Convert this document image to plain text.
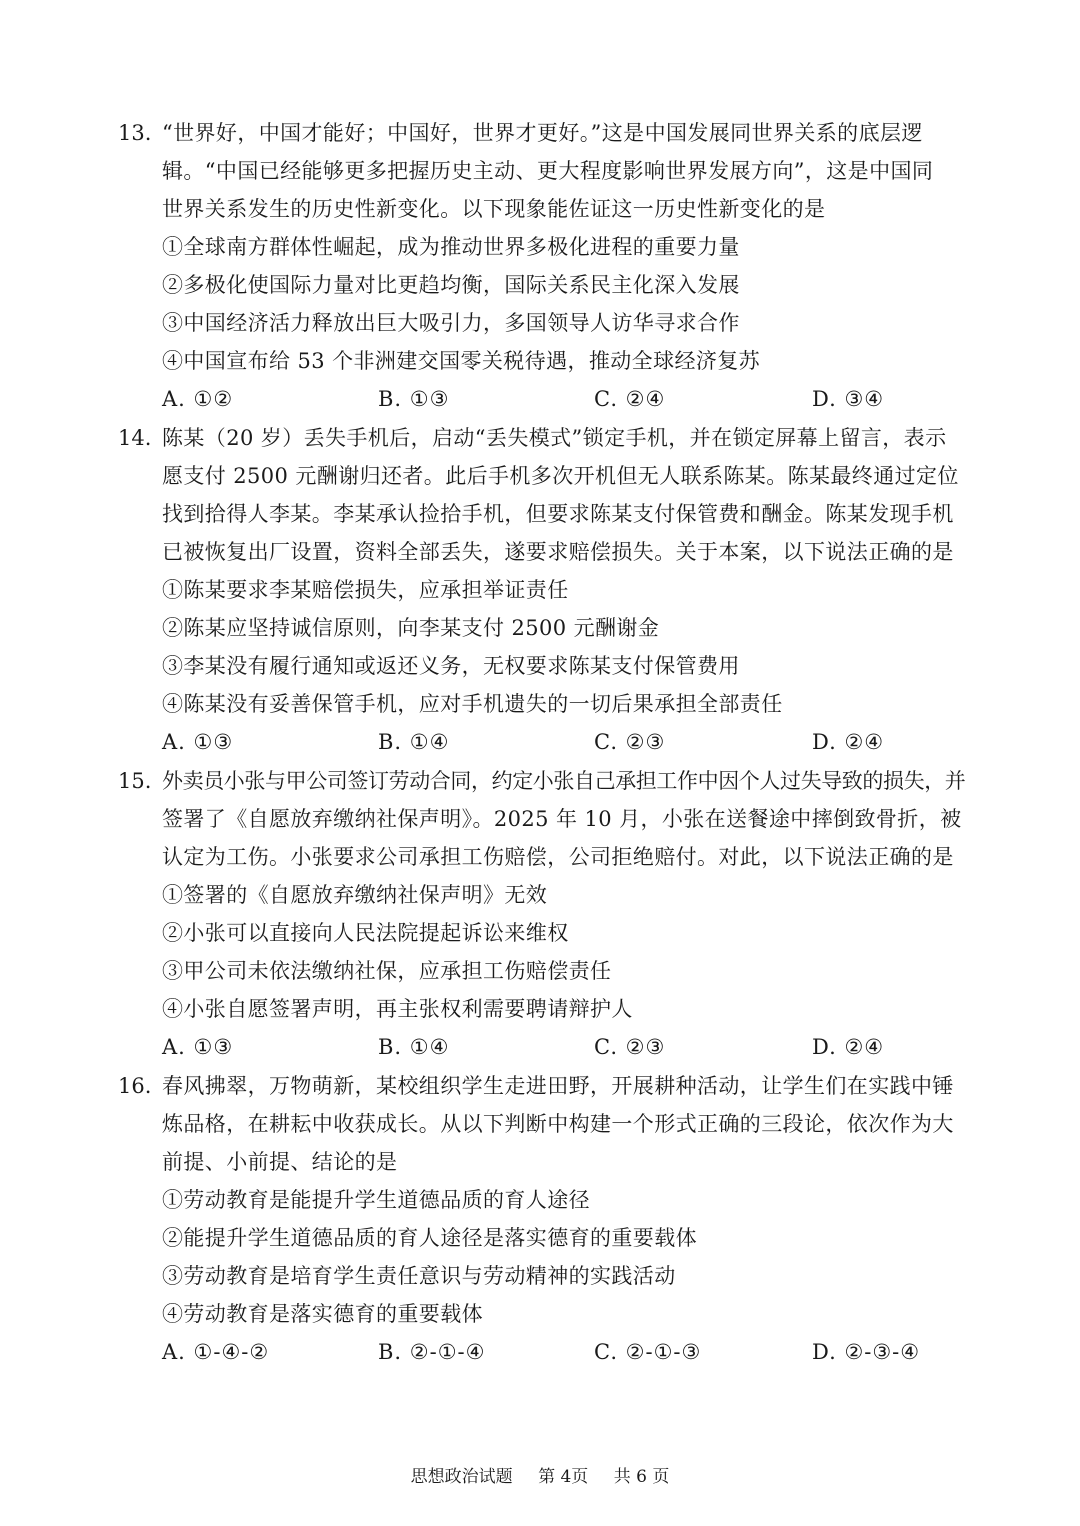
13. “世界好，中国才能好；中国好，世界才更好。”这是中国发展同世界关系的底层逻
辑。“中国已经能够更多把握历史主动、更大程度影响世界发展方向”，这是中国同
世界关系发生的历史性新变化。以下现象能佐证这一历史性新变化的是
①全球南方群体性崛起，成为推动世界多极化进程的重要力量
②多极化使国际力量对比更趋均衡，国际关系民主化深入发展
③中国经济活力释放出巨大吸引力，多国领导人访华寻求合作
④中国宣布给 53 个非洲建交国零关税待遇，推动全球经济复苏
A. ①②	B. ①③	C. ②④	D. ③④
14. 陈某（20 岁）丢失手机后，启动“丢失模式”锁定手机，并在锁定屏幕上留言，表示
愿支付 2500 元酬谢归还者。此后手机多次开机但无人联系陈某。陈某最终通过定位
找到拾得人李某。李某承认捡拾手机，但要求陈某支付保管费和酬金。陈某发现手机
已被恢复出厂设置，资料全部丢失，遂要求赔偿损失。关于本案，以下说法正确的是
①陈某要求李某赔偿损失，应承担举证责任
②陈某应坚持诚信原则，向李某支付 2500 元酬谢金
③李某没有履行通知或返还义务，无权要求陈某支付保管费用
④陈某没有妥善保管手机，应对手机遗失的一切后果承担全部责任
A. ①③	B. ①④	C. ②③	D. ②④
15. 外卖员小张与甲公司签订劳动合同，约定小张自己承担工作中因个人过失导致的损失，并
签署了《自愿放弃缴纳社保声明》。2025 年 10 月，小张在送餐途中摔倒致骨折，被
认定为工伤。小张要求公司承担工伤赔偿，公司拒绝赔付。对此，以下说法正确的是
①签署的《自愿放弃缴纳社保声明》无效
②小张可以直接向人民法院提起诉讼来维权
③甲公司未依法缴纳社保，应承担工伤赔偿责任
④小张自愿签署声明，再主张权利需要聘请辩护人
A. ①③	B. ①④	C. ②③	D. ②④
16. 春风拂翠，万物萌新，某校组织学生走进田野，开展耕种活动，让学生们在实践中锤
炼品格，在耕耘中收获成长。从以下判断中构建一个形式正确的三段论，依次作为大
前提、小前提、结论的是
①劳动教育是能提升学生道德品质的育人途径
②能提升学生道德品质的育人途径是落实德育的重要载体
③劳动教育是培育学生责任意识与劳动精神的实践活动
④劳动教育是落实德育的重要载体
A. ①-④-②	B. ②-①-④	C. ②-①-③	D. ②-③-④
思想政治试题 第 4页 共 6 页
